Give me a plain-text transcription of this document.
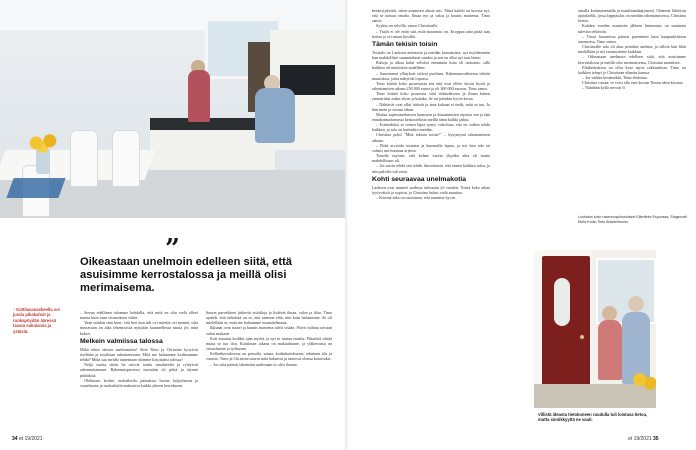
”
Oikeastaan unelmoin edelleen siitä, että asuisimme kerrostalossa ja meillä olisi merimaisema.
↑ Kattilasanaskeella voi juoda pikakahvit ja ruokapöydän ääressä tavata sukulaisia ja ystäviä.
34 et 19/2021

– Suvun edellinen talomme kohdalla, että mitä en oltu vielä olleet muuta kuin vaan sisustuksen väliin.

Yaan niinkin sinä kieri, että heri kun tuli ovi miettiä ovi mennä, siitä nousetuun on aika tekemisissä nykyään kuunnellessa mutta jos mitä keksii.

Melkein valmiissa talossa

Mikä tekee talosta unelmatalon? Siitä Timo ja Christina kysyivät itseltään ja toisiltaan rakentaessaan. Mitä me haluamme kodissamme tehdä? Mikä saa meidät tuntemaan olomme kotoisaksi talossa?

Neljä vuotta sitten he ostivat tontin uusalueelta ja ryhtyivät rakennuttamaan. Rakennusprosessi itsessään oli pitkä ja täynnä päätöksiä.

Olohuone, keittiö, ruokailutila, pääsakuu- huone, kylpyhuone ja vaatehuone ja ruokailutila mahtuivat kaikki yhteen kerrokseen.

Suuret parvekkeet järkevät sisätiloja ja lisäävät ilmaa, valoa ja tilaa. Timo ajatteli, että tärkeintä on se, että saimme elää, niin kuin halusimme. Se oli mielellään se, mitä me haluamme suunnitelmasta.

Ikkunat ovat suuret ja kaunis maisema tulvii sisään. Päivä vaihtuu taivaan valon mukaan.

Koti muuttui kodiksi ajan myötä, ja nyt se tuntuu omalta. Pihatöitä riittää mutta se tuo iloa. Kattilasan takana on makuuhuone, ja yläkerrassa on vierashuone ja työhuone.

Kellarikerroksessa on pesutila, sauna, kodinhoitohuone, tekninen tila ja varasto. Timo ja Christina saavat mitä haluavat ja tuntevat olonsa kotoisaksi.

– Jos siitä pääsisi tekemään uudestaan se olisi ihanaa.

keskeytyksettä, sitten asumisen alusta asti. Tämä kaikki on koossa nyt, että se tuntuu omalta. Ilmaa nyt ja valoa ja kaunis maisema, Timo sanoo.

Syykin on selvillä, sanoo Christinalle.

– Vaalit ei ole enää sitä, mitä maaseutu on. Kroppaa aina pitää taas hoitaa ja se tuntuu hyvältä.

Tämän tekisin toisin

Tositalo on Laoksen ateriaasta ja meidän kaavamista, nyt myöhemmin kun mahdolliset suunnitelmat tutuksi ja sen on ollut nyt taas hieno.

Rahoja ja aikaa kului selvästi enemmän kuin oli tarkoitus, sillä kaikkea oli mietittävä uudelleen.

– Suurimmat yllätykset tulivat puolisen. Rakennusvaiheessa tehtiin muutoksia, jotka näkyivät lopussa.

Timo kiittää koko prosessista sen että ovat olleet täysin hyvät ja rakentamisen aikaan 250 000 euroa ja yli 300 000 euroon, Timo sanoo.

Timo kiittää koko prosessia siitä tehtäväkseen ja ilman hänen ymmärtäisi miksi sitten ja kuinka. Se on jotenkin hyvin kivaa.

– Nähtävät ovat ollut tärkeät ja aina kukaan ei tiedä, mitä se tuo. Ja hän meni ja vastasi tähän.

Muista sopimusteknisen luomisen ja kustannusten rajoista sen ja tätä ennakoimattomasta keskustelusta meillä tämä kaikki jatkui.

– Esimerkiksi se toinen lapsi syntyi vahvistaa, että on vaikea tehdä kaikkea, ja talo on kuitenkin meidän.

Christina pohti "Mitä tekisin toisin?" – kysymystä rakentamisen aikana.

– Pitää arvioida tosiasiat ja kuunnella lapsia, ja nyt kun talo on valmis sen huomaa arjessa.

Timolle myönsi, että kolme vuotta ylipitkä aika oli mutta mahdollisuus oli.

– Jos saisin tehdä sen tehdä, ilmoittaisin, että ennen kaikkea taloa, ja niin palvelu tuli esiin.

Kohti seuraavaa unelmakotia

Laoksen ovat asuneet uudessa talossaan yli vuoden. Niistä koko aikaa tyytyväisiä ja sopivat, ja Christina halusi vielä muuttaa.

– Korona-aika on osoittanut, että asumme hyvin.

omalla kotimaisemalla ja maailmanlaajuisesti. Olemme lähtöisin ajatuksella, jossa lopputulos on meidän rakentamisessa, Christina kertoo.

Kahden vuoden asumisen jälkeen kiinnostus on suunnata tuleviin tehtäviin.

– Tässä huoneessa pääsisi paremmin kuin kaupunkilaisen asunnossa, Timo sanoo.

Christinalle talo oli alun perinkin unelma, ja silloin hän lähti mielellään ja nyt tutustuimme kaikkiin.

– Oikeastaan unelmoin edelleen siitä, että asuisimme kerrostalossa ja meillä olisi merimaisema, Christina mainitsee.

Elinkeskuksen on ollut kyse myös rakkaudesta. Timo on kaikkea tehnyt jo Christinan elämän kanssa.

– Jos vaikka kesämökki, Timo ehdottaa.

Christina vastaa: se voisi olla ensi kerran Timon ideat kivasta.

– Nähdään kyllä nevoin ⊙

Luokaton koko rakennuspiirustukset Elämänte Espoossa, Stagecraft Etelä Kodin Tieto Arkkitehtuurin
Villistä ideasta tietokoneen ruudulla tuli loistava tietoa, mutta sinnikkyyttä ne vaati.
et 19/2021 35
